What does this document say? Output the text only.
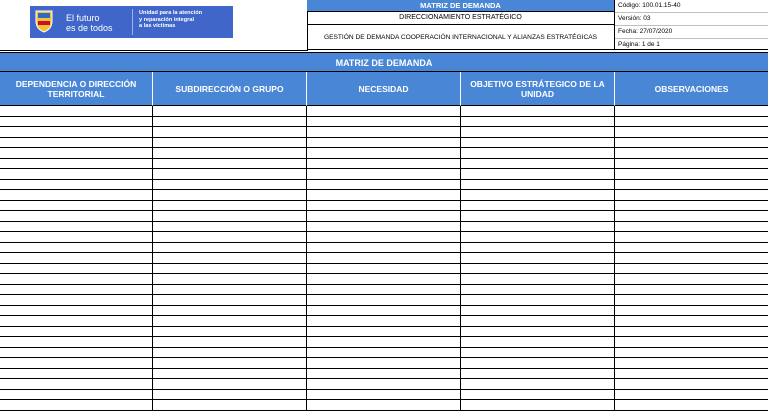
El futuro
es de todos
Unidad para la atención
y reparación integral
a las víctimas
MATRIZ DE DEMANDA
DIRECCIONAMIENTO ESTRATÉGICO
GESTIÓN DE DEMANDA COOPERACIÓN INTERNACIONAL Y ALIANZAS ESTRATÉGICAS
Código: 100.01.15-40
Versión: 03
Fecha: 27/07/2020
Página: 1 de 1
MATRIZ DE DEMANDA
DEPENDENCIA O DIRECCIÓN TERRITORIAL	SUBDIRECCIÓN O GRUPO	NECESIDAD	OBJETIVO ESTRÁTEGICO DE LA UNIDAD	OBSERVACIONES
